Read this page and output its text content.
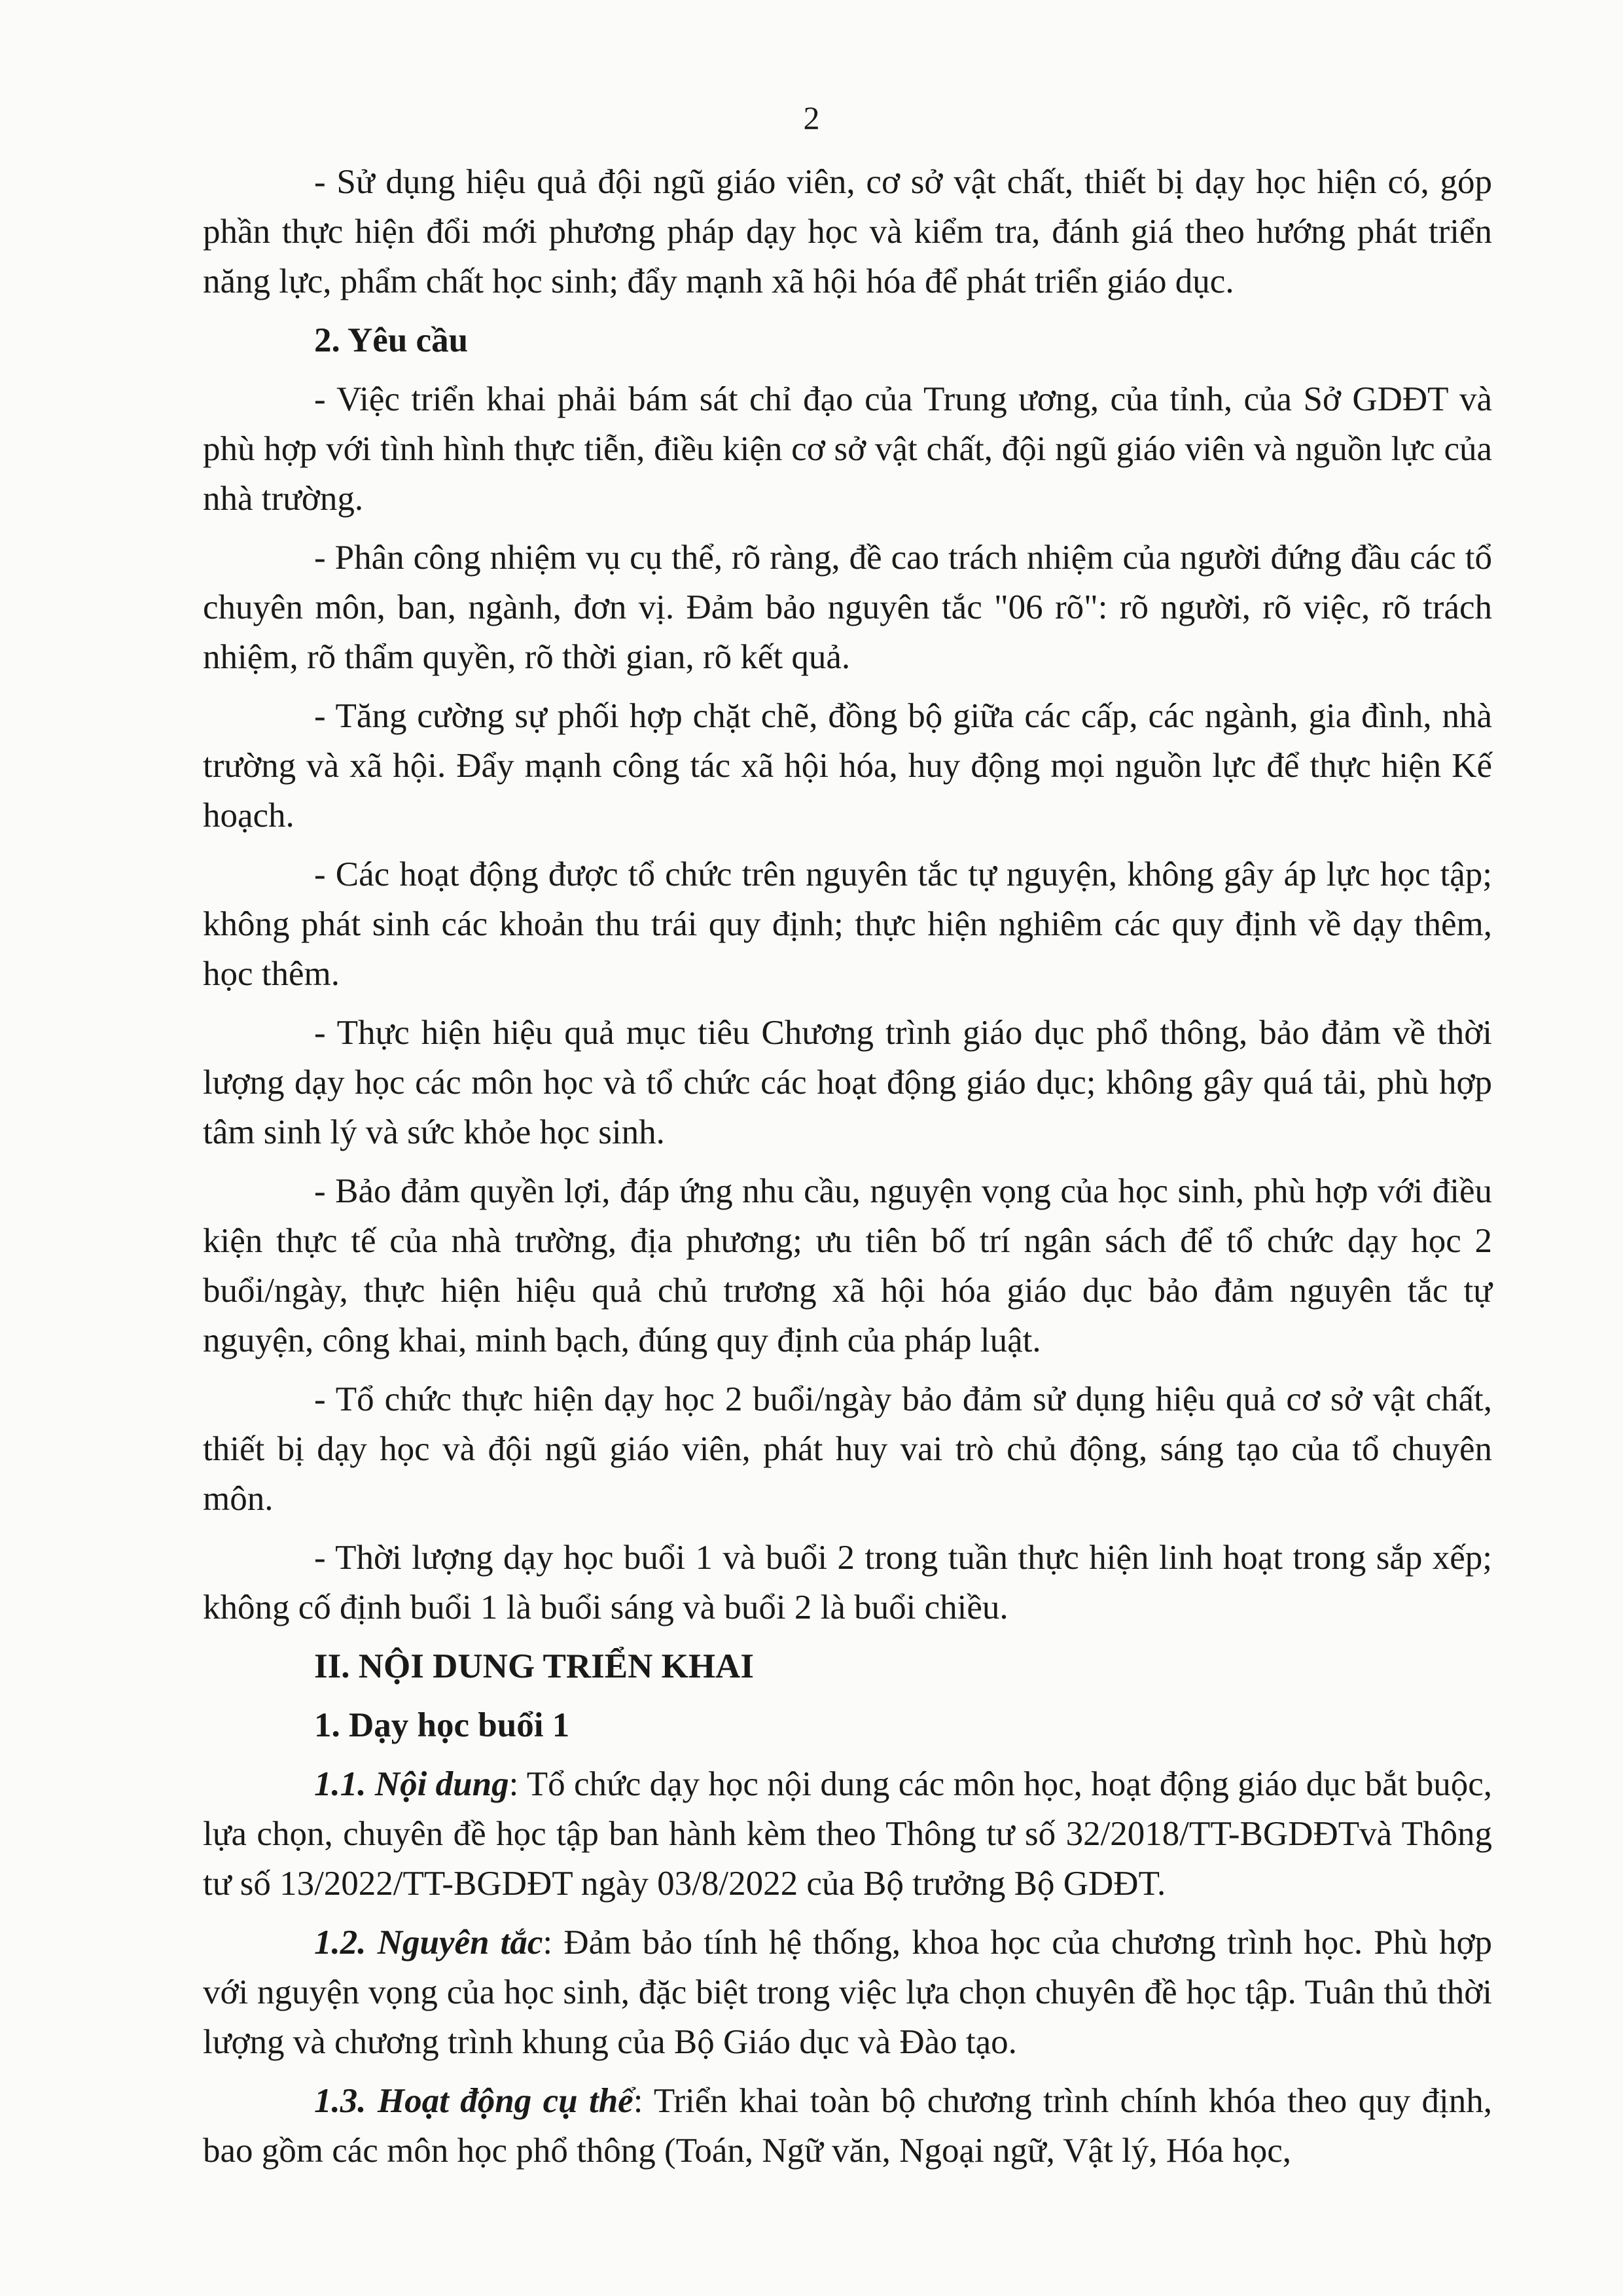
2

- Sử dụng hiệu quả đội ngũ giáo viên, cơ sở vật chất, thiết bị dạy học hiện có, góp phần thực hiện đổi mới phương pháp dạy học và kiểm tra, đánh giá theo hướng phát triển năng lực, phẩm chất học sinh; đẩy mạnh xã hội hóa để phát triển giáo dục.

2. Yêu cầu

- Việc triển khai phải bám sát chỉ đạo của Trung ương, của tỉnh, của Sở GDĐT và phù hợp với tình hình thực tiễn, điều kiện cơ sở vật chất, đội ngũ giáo viên và nguồn lực của nhà trường.

- Phân công nhiệm vụ cụ thể, rõ ràng, đề cao trách nhiệm của người đứng đầu các tổ chuyên môn, ban, ngành, đơn vị. Đảm bảo nguyên tắc "06 rõ": rõ người, rõ việc, rõ trách nhiệm, rõ thẩm quyền, rõ thời gian, rõ kết quả.

- Tăng cường sự phối hợp chặt chẽ, đồng bộ giữa các cấp, các ngành, gia đình, nhà trường và xã hội. Đẩy mạnh công tác xã hội hóa, huy động mọi nguồn lực để thực hiện Kế hoạch.

- Các hoạt động được tổ chức trên nguyên tắc tự nguyện, không gây áp lực học tập; không phát sinh các khoản thu trái quy định; thực hiện nghiêm các quy định về dạy thêm, học thêm.

- Thực hiện hiệu quả mục tiêu Chương trình giáo dục phổ thông, bảo đảm về thời lượng dạy học các môn học và tổ chức các hoạt động giáo dục; không gây quá tải, phù hợp tâm sinh lý và sức khỏe học sinh.

- Bảo đảm quyền lợi, đáp ứng nhu cầu, nguyện vọng của học sinh, phù hợp với điều kiện thực tế của nhà trường, địa phương; ưu tiên bố trí ngân sách để tổ chức dạy học 2 buổi/ngày, thực hiện hiệu quả chủ trương xã hội hóa giáo dục bảo đảm nguyên tắc tự nguyện, công khai, minh bạch, đúng quy định của pháp luật.

- Tổ chức thực hiện dạy học 2 buổi/ngày bảo đảm sử dụng hiệu quả cơ sở vật chất, thiết bị dạy học và đội ngũ giáo viên, phát huy vai trò chủ động, sáng tạo của tổ chuyên môn.

- Thời lượng dạy học buổi 1 và buổi 2 trong tuần thực hiện linh hoạt trong sắp xếp; không cố định buổi 1 là buổi sáng và buổi 2 là buổi chiều.

II. NỘI DUNG TRIỂN KHAI

1. Dạy học buổi 1

1.1. Nội dung: Tổ chức dạy học nội dung các môn học, hoạt động giáo dục bắt buộc, lựa chọn, chuyên đề học tập ban hành kèm theo Thông tư số 32/2018/TT-BGDĐTvà Thông tư số 13/2022/TT-BGDĐT ngày 03/8/2022 của Bộ trưởng Bộ GDĐT.

1.2. Nguyên tắc: Đảm bảo tính hệ thống, khoa học của chương trình học. Phù hợp với nguyện vọng của học sinh, đặc biệt trong việc lựa chọn chuyên đề học tập. Tuân thủ thời lượng và chương trình khung của Bộ Giáo dục và Đào tạo.

1.3. Hoạt động cụ thể: Triển khai toàn bộ chương trình chính khóa theo quy định, bao gồm các môn học phổ thông (Toán, Ngữ văn, Ngoại ngữ, Vật lý, Hóa học,
